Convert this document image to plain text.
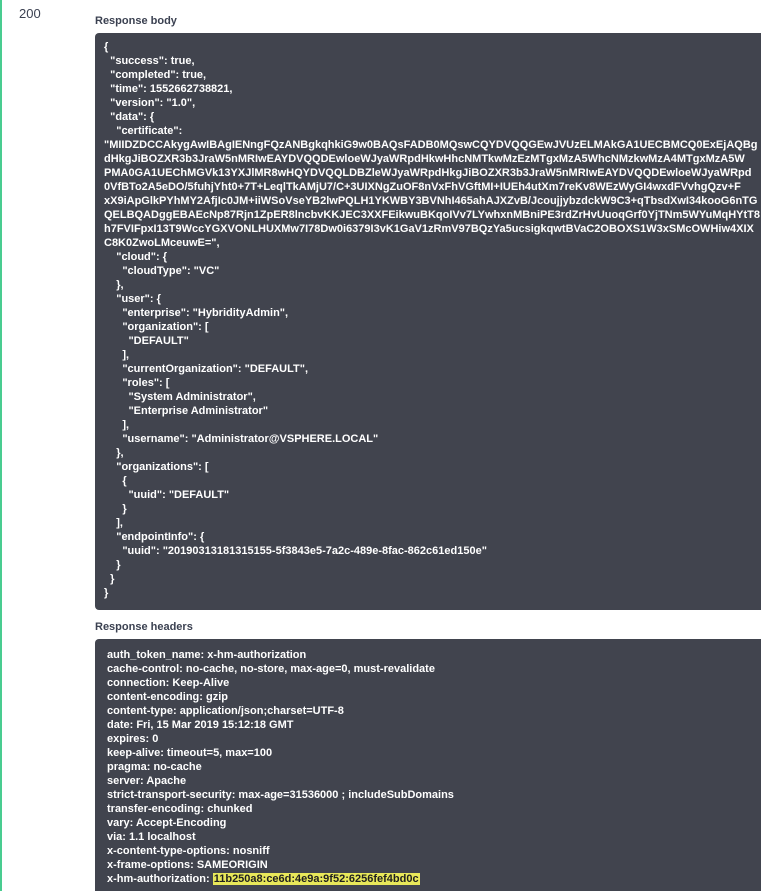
200	Response body
{
"success": true,
"completed": true,
"time": 1552662738821,
"version": "1.0",
"data": {
"certificate":
"MIIDZDCCAkygAwIBAgIENngFQzANBgkqhkiG9w0BAQsFADB0MQswCQYDVQQGEwJVUzELMAkGA1UECBMCQ0ExEjAQBg
dHkgJiBOZXR3b3JraW5nMRIwEAYDVQQDEwloeWJyaWRpdHkwHhcNMTkwMzEzMTgxMzA5WhcNMzkwMzA4MTgxMzA5W
PMA0GA1UEChMGVk13YXJlMR8wHQYDVQQLDBZleWJyaWRpdHkgJiBOZXR3b3JraW5nMRIwEAYDVQQDEwloeWJyaWRpd
0VfBTo2A5eDO/5fuhjYht0+7T+LeqlTkAMjU7/C+3UIXNgZuOF8nVxFhVGftMI+IUEh4utXm7reKv8WEzWyGI4wxdFVvhgQzv+F
xX9iApGlkPYhMY2AfjIc0JM+iiWSoVseYB2lwPQLH1YKWBY3BVNhI465ahAJXZvB/JcoujjybzdckW9C3+qTbsdXwI34kooG6nTG
QELBQADggEBAEcNp87Rjn1ZpER8lncbvKKJEC3XXFEikwuBKqoIVv7LYwhxnMBniPE3rdZrHvUuoqGrf0YjTNm5WYuMqHYtT8
h7FVIFpxI13T9WccYGXVONLHUXMw7I78Dw0i6379I3vK1GaV1zRmV97BQzYa5ucsigkqwtBVaC2OBOXS1W3xSMcOWHiw4XIX
C8K0ZwoLMceuwE=",
"cloud": {
"cloudType": "VC"
},
"user": {
"enterprise": "HybridityAdmin",
"organization": [
"DEFAULT"
],
"currentOrganization": "DEFAULT",
"roles": [
"System Administrator",
"Enterprise Administrator"
],
"username": "Administrator@VSPHERE.LOCAL"
},
"organizations": [
{
"uuid": "DEFAULT"
}
],
"endpointInfo": {
"uuid": "20190313181315155-5f3843e5-7a2c-489e-8fac-862c61ed150e"
}
}
}
Response headers
auth_token_name: x-hm-authorization
cache-control: no-cache, no-store, max-age=0, must-revalidate
connection: Keep-Alive
content-encoding: gzip
content-type: application/json;charset=UTF-8
date: Fri, 15 Mar 2019 15:12:18 GMT
expires: 0
keep-alive: timeout=5, max=100
pragma: no-cache
server: Apache
strict-transport-security: max-age=31536000 ; includeSubDomains
transfer-encoding: chunked
vary: Accept-Encoding
via: 1.1 localhost
x-content-type-options: nosniff
x-frame-options: SAMEORIGIN
x-hm-authorization: 11b250a8:ce6d:4e9a:9f52:6256fef4bd0c
